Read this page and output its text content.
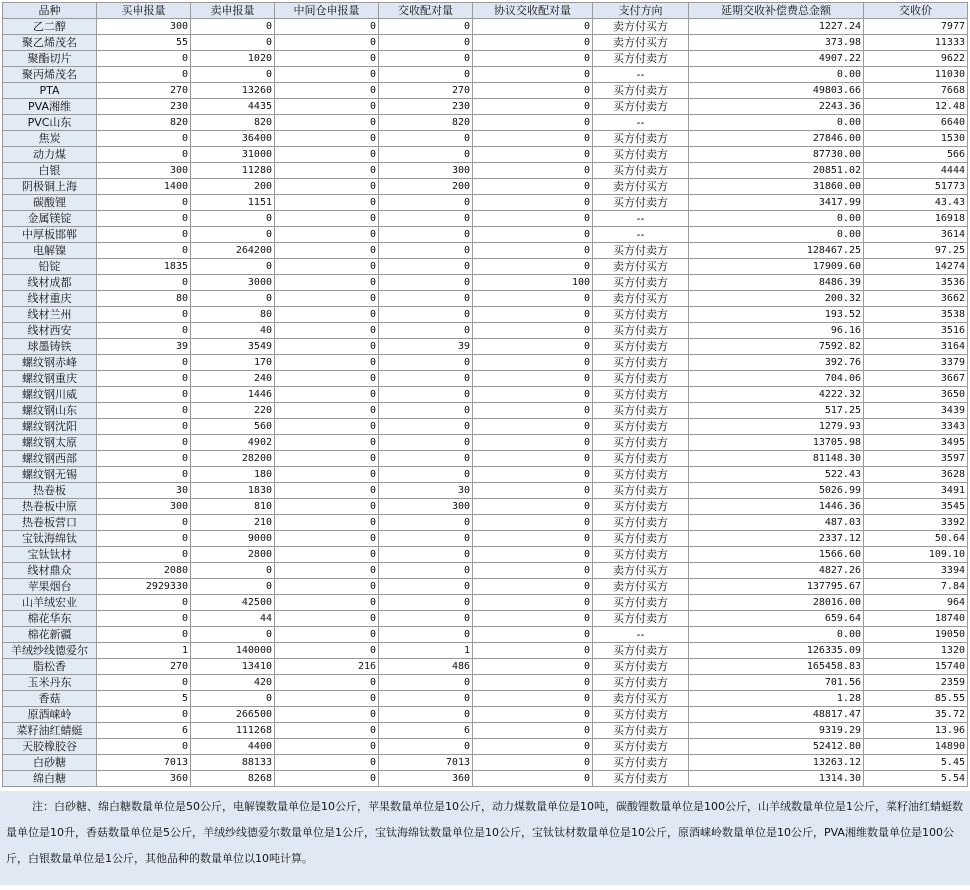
品种	买申报量	卖申报量	中间仓申报量	交收配对量	协议交收配对量	支付方向	延期交收补偿费总金额	交收价
乙二醇	300	0	0	0	0	卖方付买方	1227.24	7977
聚乙烯茂名	55	0	0	0	0	卖方付买方	373.98	11333
聚酯切片	0	1020	0	0	0	买方付卖方	4907.22	9622
聚丙烯茂名	0	0	0	0	0	--	0.00	11030
PTA	270	13260	0	270	0	买方付卖方	49803.66	7668
PVA湘维	230	4435	0	230	0	买方付卖方	2243.36	12.48
PVC山东	820	820	0	820	0	--	0.00	6640
焦炭	0	36400	0	0	0	买方付卖方	27846.00	1530
动力煤	0	31000	0	0	0	买方付卖方	87730.00	566
白银	300	11280	0	300	0	买方付卖方	20851.02	4444
阴极铜上海	1400	200	0	200	0	卖方付买方	31860.00	51773
碳酸锂	0	1151	0	0	0	买方付卖方	3417.99	43.43
金属镁锭	0	0	0	0	0	--	0.00	16918
中厚板邯郸	0	0	0	0	0	--	0.00	3614
电解镍	0	264200	0	0	0	买方付卖方	128467.25	97.25
铅锭	1835	0	0	0	0	卖方付买方	17909.60	14274
线材成都	0	3000	0	0	100	买方付卖方	8486.39	3536
线材重庆	80	0	0	0	0	卖方付买方	200.32	3662
线材兰州	0	80	0	0	0	买方付卖方	193.52	3538
线材西安	0	40	0	0	0	买方付卖方	96.16	3516
球墨铸铁	39	3549	0	39	0	买方付卖方	7592.82	3164
螺纹钢赤峰	0	170	0	0	0	买方付卖方	392.76	3379
螺纹钢重庆	0	240	0	0	0	买方付卖方	704.06	3667
螺纹钢川威	0	1446	0	0	0	买方付卖方	4222.32	3650
螺纹钢山东	0	220	0	0	0	买方付卖方	517.25	3439
螺纹钢沈阳	0	560	0	0	0	买方付卖方	1279.93	3343
螺纹钢太原	0	4902	0	0	0	买方付卖方	13705.98	3495
螺纹钢西部	0	28200	0	0	0	买方付卖方	81148.30	3597
螺纹钢无锡	0	180	0	0	0	买方付卖方	522.43	3628
热卷板	30	1830	0	30	0	买方付卖方	5026.99	3491
热卷板中原	300	810	0	300	0	买方付卖方	1446.36	3545
热卷板营口	0	210	0	0	0	买方付卖方	487.03	3392
宝钛海绵钛	0	9000	0	0	0	买方付卖方	2337.12	50.64
宝钛钛材	0	2800	0	0	0	买方付卖方	1566.60	109.10
线材鼎众	2080	0	0	0	0	卖方付买方	4827.26	3394
苹果烟台	2929330	0	0	0	0	卖方付买方	137795.67	7.84
山羊绒宏业	0	42500	0	0	0	买方付卖方	28016.00	964
棉花华东	0	44	0	0	0	买方付卖方	659.64	18740
棉花新疆	0	0	0	0	0	--	0.00	19050
羊绒纱线德爱尔	1	140000	0	1	0	买方付卖方	126335.09	1320
脂松香	270	13410	216	486	0	买方付卖方	165458.83	15740
玉米丹东	0	420	0	0	0	买方付卖方	701.56	2359
香菇	5	0	0	0	0	卖方付买方	1.28	85.55
原酒崃岭	0	266500	0	0	0	买方付卖方	48817.47	35.72
菜籽油红蜻蜓	6	111268	0	6	0	买方付卖方	9319.29	13.96
天胶橡胶谷	0	4400	0	0	0	买方付卖方	52412.80	14890
白砂糖	7013	88133	0	7013	0	买方付卖方	13263.12	5.45
绵白糖	360	8268	0	360	0	买方付卖方	1314.30	5.54
注：白砂糖、绵白糖数量单位是50公斤，电解镍数量单位是10公斤，苹果数量单位是10公斤，动力煤数量单位是10吨，碳酸锂数量单位是100公斤，山羊绒数量单位是1公斤，菜籽油红蜻蜓数量单位是10升，香菇数量单位是5公斤，羊绒纱线德爱尔数量单位是1公斤，宝钛海绵钛数量单位是10公斤，宝钛钛材数量单位是10公斤，原酒崃岭数量单位是10公斤，PVA湘维数量单位是100公斤，白银数量单位是1公斤，其他品种的数量单位以10吨计算。
